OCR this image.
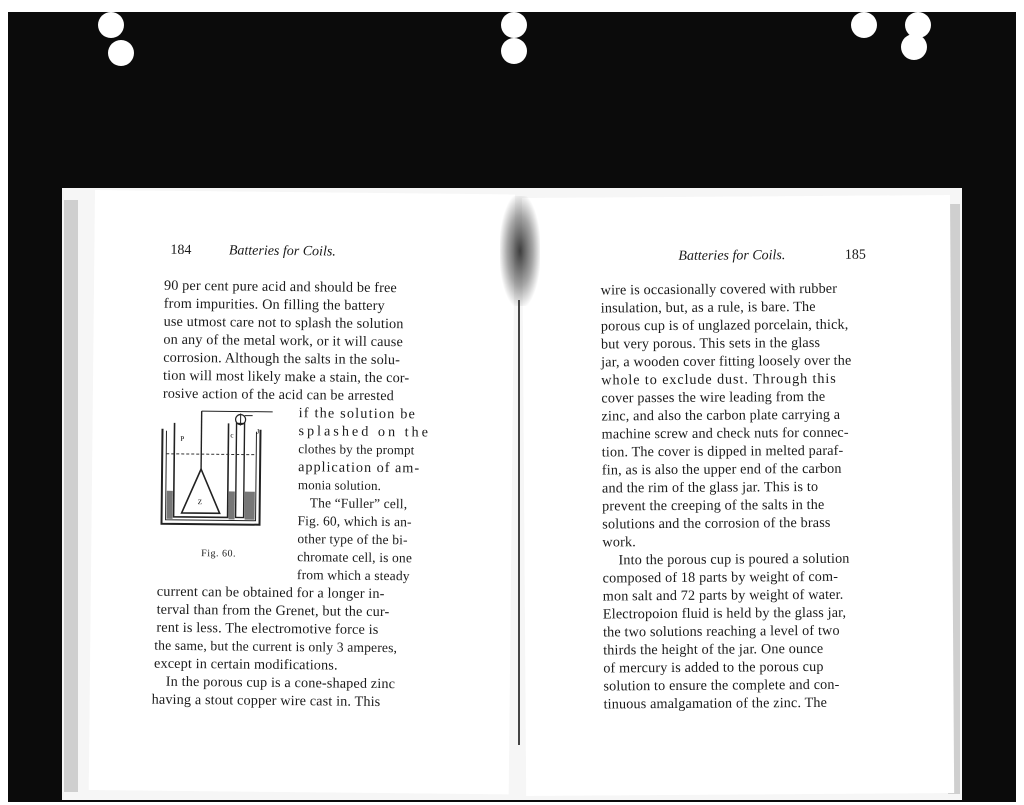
184	Batteries for Coils.
90 per cent pure acid and should be free
from impurities. On filling the battery
use utmost care not to splash the solution
on any of the metal work, or it will cause
corrosion. Although the salts in the solu-
tion will most likely make a stain, the cor-
rosive action of the acid can be arrested
if the solution be
splashed on the
clothes by the prompt
application of am-
monia solution.
The “Fuller” cell,
Fig. 60, which is an-
other type of the bi-
chromate cell, is one
from which a steady
current can be obtained for a longer in-
terval than from the Grenet, but the cur-
rent is less. The electromotive force is
the same, but the current is only 3 amperes,
except in certain modifications.
In the porous cup is a cone-shaped zinc
having a stout copper wire cast in. This
P	c	J
Z
Fig. 60.
Batteries for Coils.	185
wire is occasionally covered with rubber
insulation, but, as a rule, is bare. The
porous cup is of unglazed porcelain, thick,
but very porous. This sets in the glass
jar, a wooden cover fitting loosely over the
whole to exclude dust. Through this
cover passes the wire leading from the
zinc, and also the carbon plate carrying a
machine screw and check nuts for connec-
tion. The cover is dipped in melted paraf-
fin, as is also the upper end of the carbon
and the rim of the glass jar. This is to
prevent the creeping of the salts in the
solutions and the corrosion of the brass
work.
Into the porous cup is poured a solution
composed of 18 parts by weight of com-
mon salt and 72 parts by weight of water.
Electropoion fluid is held by the glass jar,
the two solutions reaching a level of two
thirds the height of the jar. One ounce
of mercury is added to the porous cup
solution to ensure the complete and con-
tinuous amalgamation of the zinc. The
